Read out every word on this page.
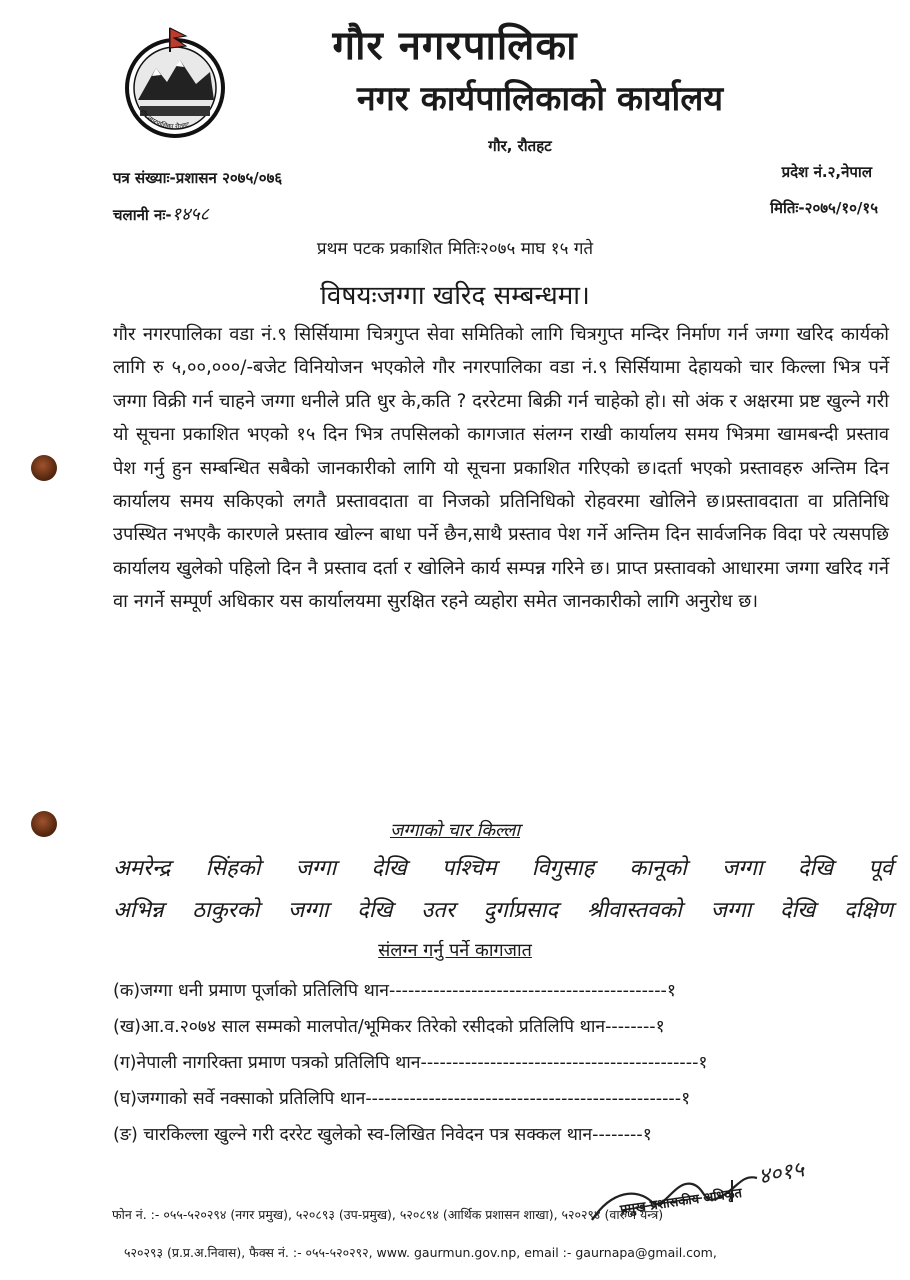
गौर नगरपालिका रौतहट
गौर नगरपालिका
नगर कार्यपालिकाको कार्यालय
गौर, रौतहट
पत्र संख्याः-प्रशासन २०७५/०७६
चलानी नः-१४५८
प्रदेश नं.२,नेपाल
मितिः-२०७५/१०/१५
प्रथम पटक प्रकाशित मितिः२०७५ माघ १५ गते
विषयःजग्गा खरिद सम्बन्धमा।
गौर नगरपालिका वडा नं.९ सिर्सियामा चित्रगुप्त सेवा समितिको लागि चित्रगुप्त मन्दिर निर्माण गर्न जग्गा खरिद कार्यको लागि रु ५,००,०००/-बजेट विनियोजन भएकोले गौर नगरपालिका वडा नं.९ सिर्सियामा देहायको चार किल्ला भित्र पर्ने जग्गा विक्री गर्न चाहने जग्गा धनीले प्रति धुर के,कति ? दररेटमा बिक्री गर्न चाहेको हो। सो अंक र अक्षरमा प्रष्ट खुल्ने गरी यो सूचना प्रकाशित भएको १५ दिन भित्र तपसिलको कागजात संलग्न राखी कार्यालय समय भित्रमा खामबन्दी प्रस्ताव पेश गर्नु हुन सम्बन्धित सबैको जानकारीको लागि यो सूचना प्रकाशित गरिएको छ।दर्ता भएको प्रस्तावहरु अन्तिम दिन कार्यालय समय सकिएको लगतै प्रस्तावदाता वा निजको प्रतिनिधिको रोहवरमा खोलिने छ।प्रस्तावदाता वा प्रतिनिधि उपस्थित नभएकै कारणले प्रस्ताव खोल्न बाधा पर्ने छैन,साथै प्रस्ताव पेश गर्ने अन्तिम दिन सार्वजनिक विदा परे त्यसपछि कार्यालय खुलेको पहिलो दिन नै प्रस्ताव दर्ता र खोलिने कार्य सम्पन्न गरिने छ। प्राप्त प्रस्तावको आधारमा जग्गा खरिद गर्ने वा नगर्ने सम्पूर्ण अधिकार यस कार्यालयमा सुरक्षित रहने व्यहोरा समेत जानकारीको लागि अनुरोध छ।
जग्गाको चार किल्ला
अमरेन्द्र सिंहको जग्गा देखि पश्चिम विगुसाह कानूको जग्गा देखि पूर्व
अभिन्न ठाकुरको जग्गा देखि उतर दुर्गाप्रसाद श्रीवास्तवको जग्गा देखि दक्षिण
संलग्न गर्नु पर्ने कागजात
(क)जग्गा धनी प्रमाण पूर्जाको प्रतिलिपि थान--------------------------------------------१
(ख)आ.व.२०७४ साल सम्मको मालपोत/भूमिकर तिरेको रसीदको प्रतिलिपि थान--------१
(ग)नेपाली नागरिक्ता प्रमाण पत्रको प्रतिलिपि थान--------------------------------------------१
(घ)जग्गाको सर्वे नक्साको प्रतिलिपि थान--------------------------------------------------१
(ङ) चारकिल्ला खुल्ने गरी दररेट खुलेको स्व-लिखित निवेदन पत्र सक्कल थान--------१
४०१५
प्रमुख प्रशासकीय अधिकृत
फोन नं. :- ०५५-५२०२९४ (नगर प्रमुख), ५२०८९३ (उप-प्रमुख), ५२०८९४ (आर्थिक प्रशासन शाखा), ५२०२९४ (वारुण यन्त्र)
५२०२९३ (प्र.प्र.अ.निवास), फैक्स नं. :- ०५५-५२०२९२, www. gaurmun.gov.np, email :- gaurnapa@gmail.com,
